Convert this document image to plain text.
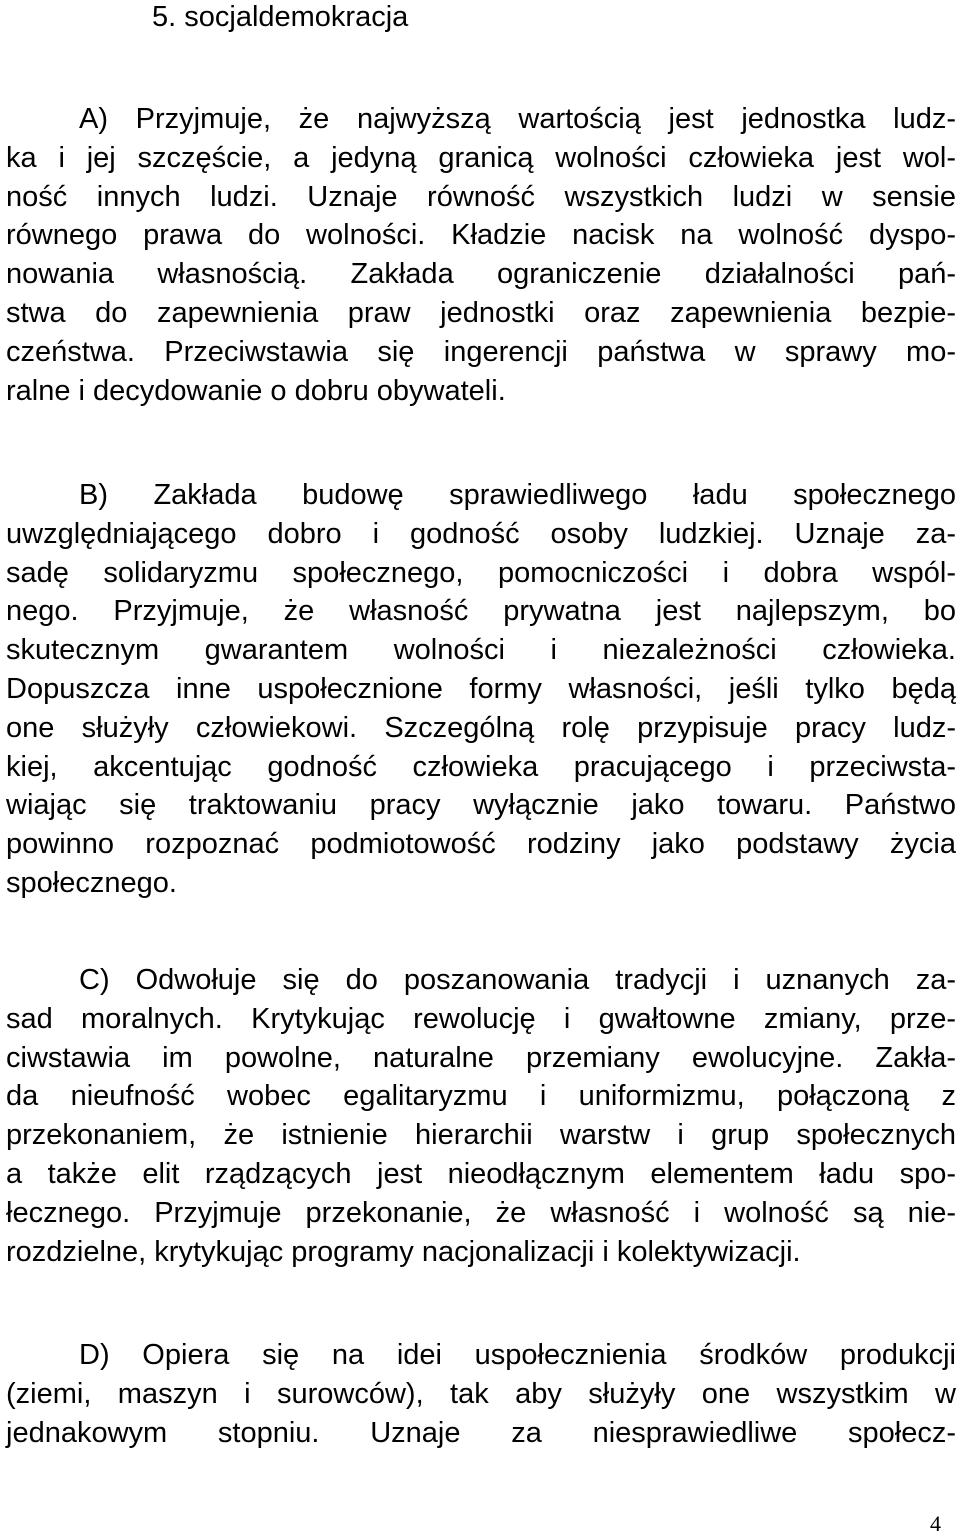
5. socjaldemokracja
A) Przyjmuje, że najwyższą wartością jest jednostka ludz-
ka i jej szczęście, a jedyną granicą wolności człowieka jest wol-
ność innych ludzi. Uznaje równość wszystkich ludzi w sensie
równego prawa do wolności. Kładzie nacisk na wolność dyspo-
nowania własnością. Zakłada ograniczenie działalności pań-
stwa do zapewnienia praw jednostki oraz zapewnienia bezpie-
czeństwa. Przeciwstawia się ingerencji państwa w sprawy mo-
ralne i decydowanie o dobru obywateli.
B) Zakłada budowę sprawiedliwego ładu społecznego
uwzględniającego dobro i godność osoby ludzkiej. Uznaje za-
sadę solidaryzmu społecznego, pomocniczości i dobra wspól-
nego. Przyjmuje, że własność prywatna jest najlepszym, bo
skutecznym gwarantem wolności i niezależności człowieka.
Dopuszcza inne uspołecznione formy własności, jeśli tylko będą
one służyły człowiekowi. Szczególną rolę przypisuje pracy ludz-
kiej, akcentując godność człowieka pracującego i przeciwsta-
wiając się traktowaniu pracy wyłącznie jako towaru. Państwo
powinno rozpoznać podmiotowość rodziny jako podstawy życia
społecznego.
C) Odwołuje się do poszanowania tradycji i uznanych za-
sad moralnych. Krytykując rewolucję i gwałtowne zmiany, prze-
ciwstawia im powolne, naturalne przemiany ewolucyjne. Zakła-
da nieufność wobec egalitaryzmu i uniformizmu, połączoną z
przekonaniem, że istnienie hierarchii warstw i grup społecznych
a także elit rządzących jest nieodłącznym elementem ładu spo-
łecznego. Przyjmuje przekonanie, że własność i wolność są nie-
rozdzielne, krytykując programy nacjonalizacji i kolektywizacji.
D) Opiera się na idei uspołecznienia środków produkcji
(ziemi, maszyn i surowców), tak aby służyły one wszystkim w
jednakowym stopniu. Uznaje za niesprawiedliwe społecz-
4
